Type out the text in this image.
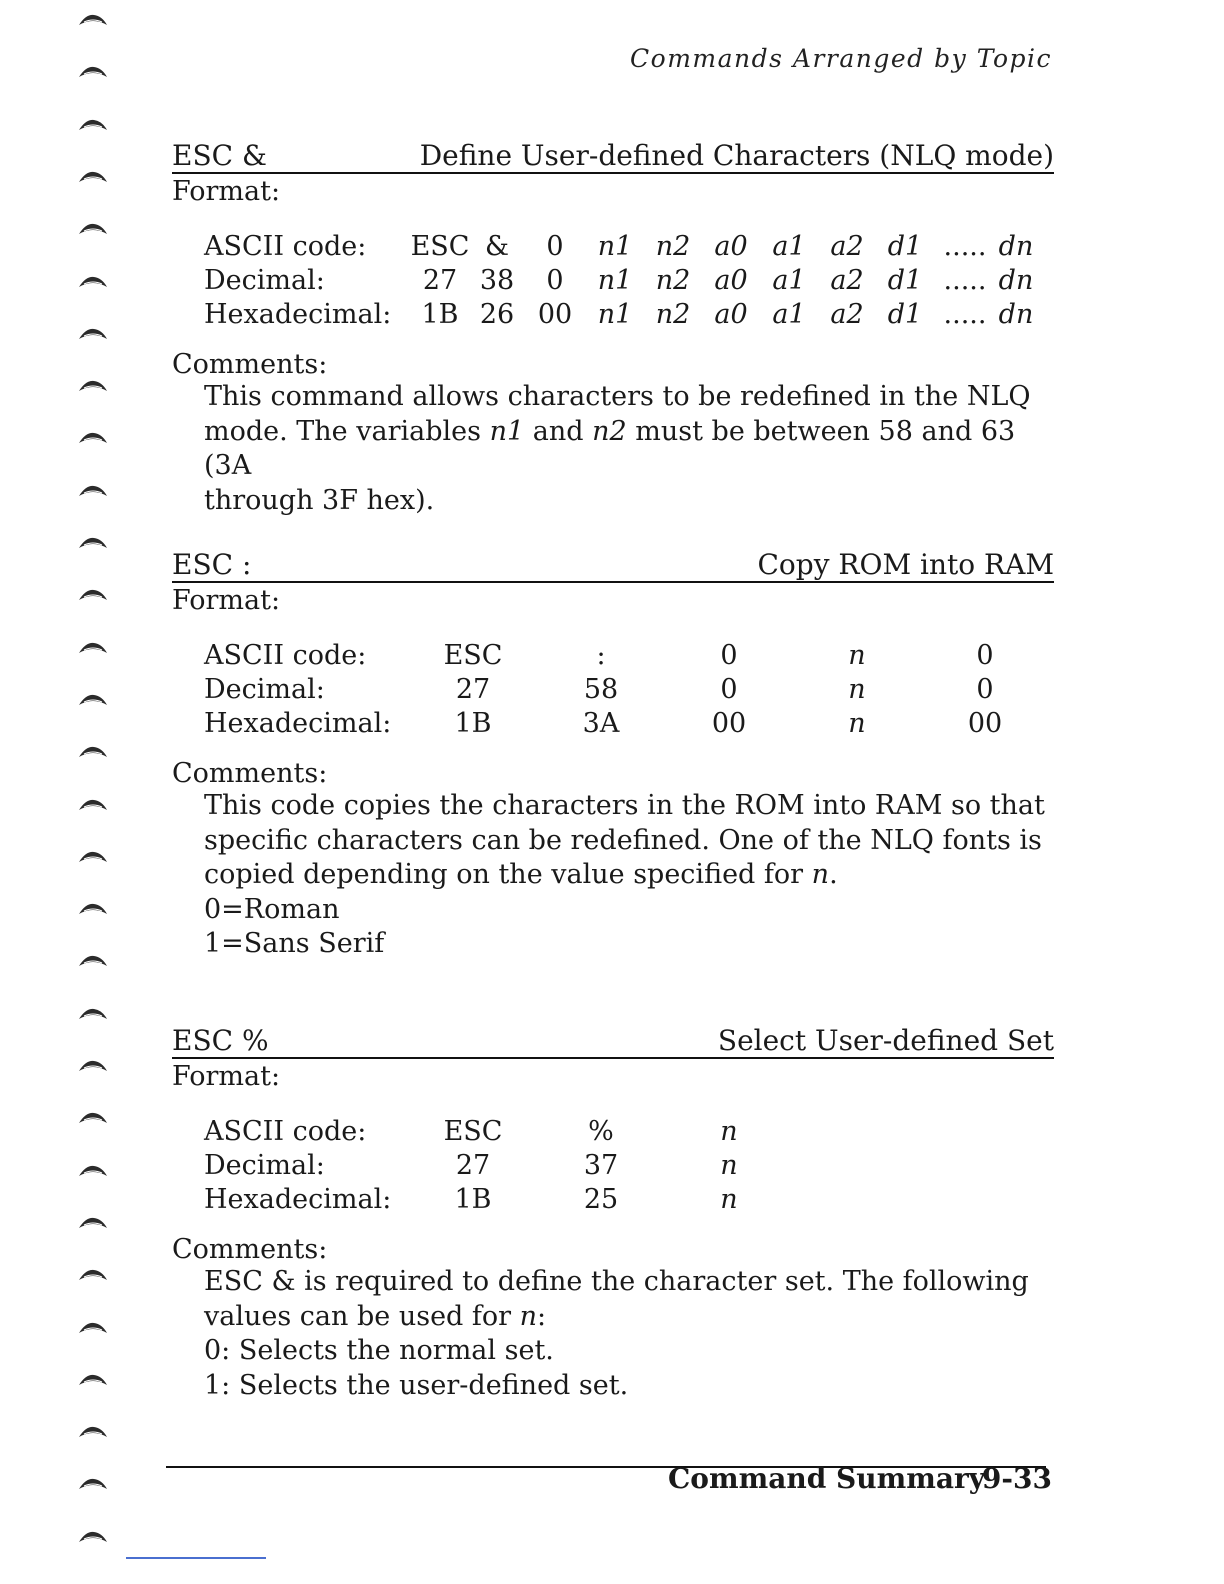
Commands Arranged by Topic
ESC &	Define User-defined Characters (NLQ mode)
Format:
ASCII code:	ESC	&	0	n1	n2	a0	a1	a2	d1	.....	dn
Decimal:	27	38	0	n1	n2	a0	a1	a2	d1	.....	dn
Hexadecimal:	1B	26	00	n1	n2	a0	a1	a2	d1	.....	dn
Comments:

This command allows characters to be redefined in the NLQ

mode. The variables n1 and n2 must be between 58 and 63 (3A

through 3F hex).

ESC :	Copy ROM into RAM
Format:
ASCII code:	ESC	:	0	n	0
Decimal:	27	58	0	n	0
Hexadecimal:	1B	3A	00	n	00
Comments:

This code copies the characters in the ROM into RAM so that

specific characters can be redefined. One of the NLQ fonts is

copied depending on the value specified for n.

0=Roman

1=Sans Serif

ESC %	Select User-defined Set
Format:
ASCII code:	ESC	%	n
Decimal:	27	37	n
Hexadecimal:	1B	25	n
Comments:

ESC & is required to define the character set. The following

values can be used for n:

0: Selects the normal set.

1: Selects the user-defined set.

Command Summary
9-33
